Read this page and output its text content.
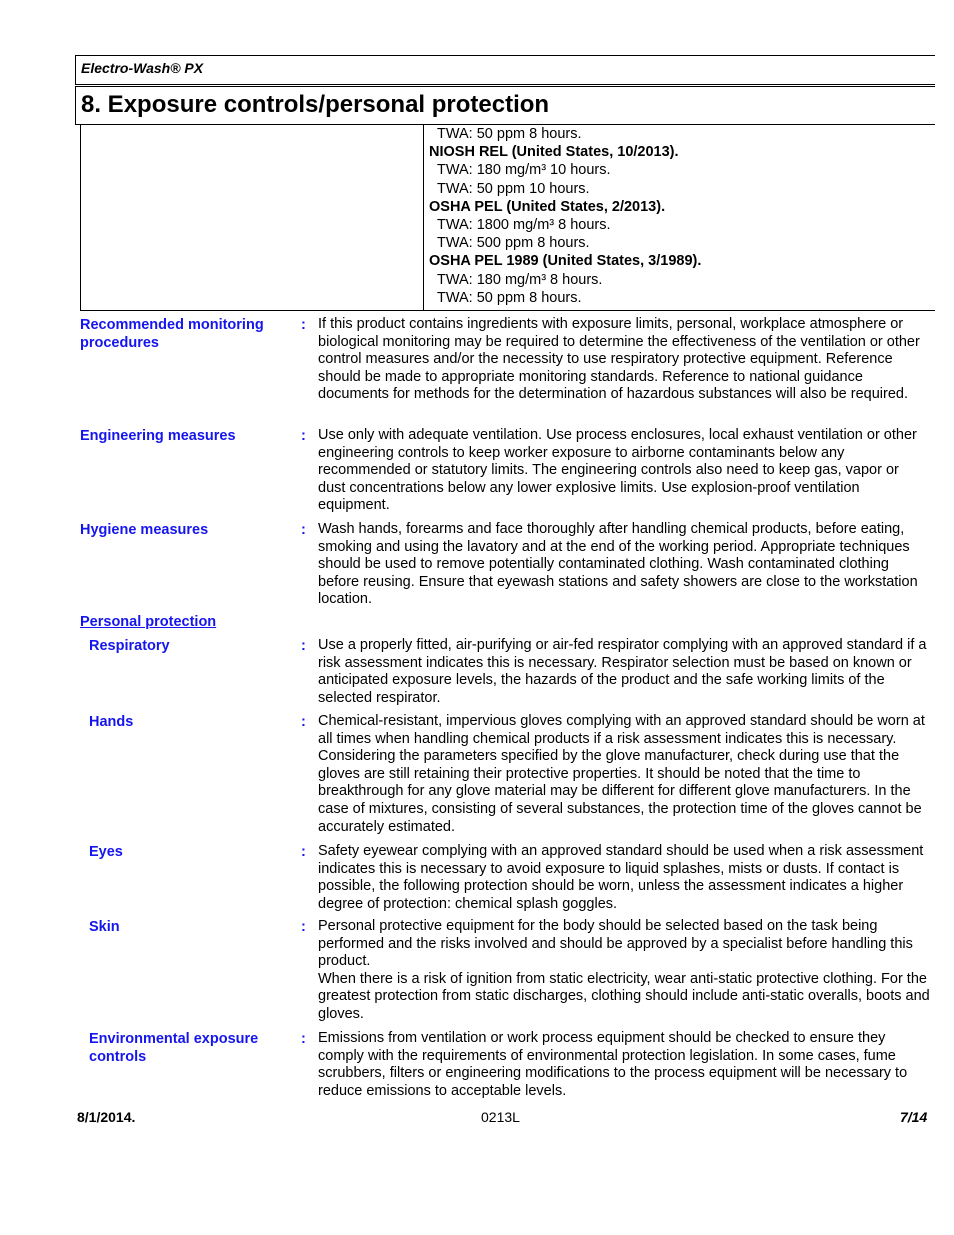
Electro-Wash® PX
8. Exposure controls/personal protection
TWA: 50 ppm 8 hours.
NIOSH REL (United States, 10/2013).
TWA: 180 mg/m³ 10 hours.
TWA: 50 ppm 10 hours.
OSHA PEL (United States, 2/2013).
TWA: 1800 mg/m³ 8 hours.
TWA: 500 ppm 8 hours.
OSHA PEL 1989 (United States, 3/1989).
TWA: 180 mg/m³ 8 hours.
TWA: 50 ppm 8 hours.
Recommended monitoring procedures
: If this product contains ingredients with exposure limits, personal, workplace atmosphere or biological monitoring may be required to determine the effectiveness of the ventilation or other control measures and/or the necessity to use respiratory protective equipment. Reference should be made to appropriate monitoring standards. Reference to national guidance documents for methods for the determination of hazardous substances will also be required.
Engineering measures	: Use only with adequate ventilation. Use process enclosures, local exhaust ventilation or other engineering controls to keep worker exposure to airborne contaminants below any recommended or statutory limits. The engineering controls also need to keep gas, vapor or dust concentrations below any lower explosive limits. Use explosion-proof ventilation equipment.
Hygiene measures	: Wash hands, forearms and face thoroughly after handling chemical products, before eating, smoking and using the lavatory and at the end of the working period. Appropriate techniques should be used to remove potentially contaminated clothing. Wash contaminated clothing before reusing. Ensure that eyewash stations and safety showers are close to the workstation location.
Personal protection
Respiratory	: Use a properly fitted, air-purifying or air-fed respirator complying with an approved standard if a risk assessment indicates this is necessary. Respirator selection must be based on known or anticipated exposure levels, the hazards of the product and the safe working limits of the selected respirator.
Hands	: Chemical-resistant, impervious gloves complying with an approved standard should be worn at all times when handling chemical products if a risk assessment indicates this is necessary. Considering the parameters specified by the glove manufacturer, check during use that the gloves are still retaining their protective properties. It should be noted that the time to breakthrough for any glove material may be different for different glove manufacturers. In the case of mixtures, consisting of several substances, the protection time of the gloves cannot be accurately estimated.
Eyes	: Safety eyewear complying with an approved standard should be used when a risk assessment indicates this is necessary to avoid exposure to liquid splashes, mists or dusts. If contact is possible, the following protection should be worn, unless the assessment indicates a higher degree of protection: chemical splash goggles.
Skin	: Personal protective equipment for the body should be selected based on the task being performed and the risks involved and should be approved by a specialist before handling this product.
When there is a risk of ignition from static electricity, wear anti-static protective clothing. For the greatest protection from static discharges, clothing should include anti-static overalls, boots and gloves.
Environmental exposure controls
: Emissions from ventilation or work process equipment should be checked to ensure they comply with the requirements of environmental protection legislation. In some cases, fume scrubbers, filters or engineering modifications to the process equipment will be necessary to reduce emissions to acceptable levels.
8/1/2014.	0213L	7/14
